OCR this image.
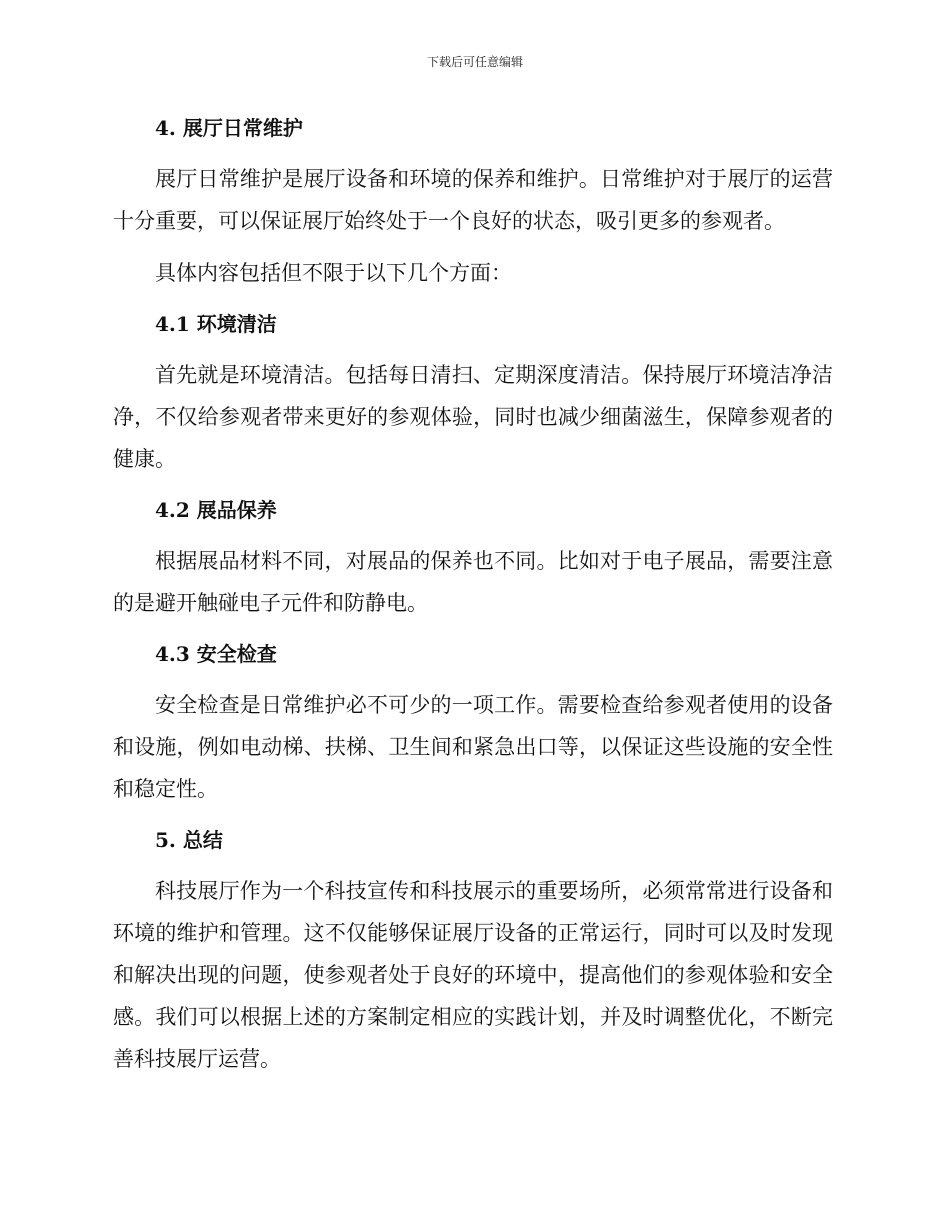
下载后可任意编辑
4. 展厅日常维护

展厅日常维护是展厅设备和环境的保养和维护。日常维护对于展厅的运营十分重要，可以保证展厅始终处于一个良好的状态，吸引更多的参观者。

具体内容包括但不限于以下几个方面：

4.1 环境清洁

首先就是环境清洁。包括每日清扫、定期深度清洁。保持展厅环境洁净洁净，不仅给参观者带来更好的参观体验，同时也减少细菌滋生，保障参观者的健康。

4.2 展品保养

根据展品材料不同，对展品的保养也不同。比如对于电子展品，需要注意的是避开触碰电子元件和防静电。

4.3 安全检查

安全检查是日常维护必不可少的一项工作。需要检查给参观者使用的设备和设施，例如电动梯、扶梯、卫生间和紧急出口等，以保证这些设施的安全性和稳定性。

5. 总结

科技展厅作为一个科技宣传和科技展示的重要场所，必须常常进行设备和环境的维护和管理。这不仅能够保证展厅设备的正常运行，同时可以及时发现和解决出现的问题，使参观者处于良好的环境中，提高他们的参观体验和安全感。我们可以根据上述的方案制定相应的实践计划，并及时调整优化，不断完善科技展厅运营。
